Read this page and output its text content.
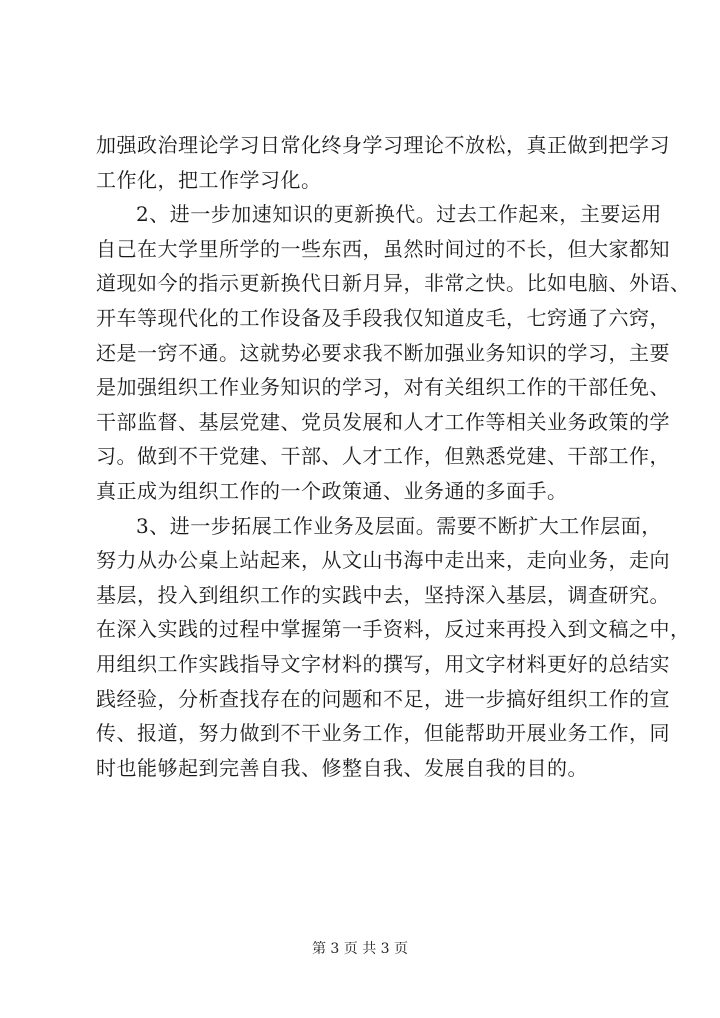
加强政治理论学习日常化终身学习理论不放松，真正做到把学习
工作化，把工作学习化。
2、进一步加速知识的更新换代。过去工作起来，主要运用
自己在大学里所学的一些东西，虽然时间过的不长，但大家都知
道现如今的指示更新换代日新月异，非常之快。比如电脑、外语、
开车等现代化的工作设备及手段我仅知道皮毛，七窍通了六窍，
还是一窍不通。这就势必要求我不断加强业务知识的学习，主要
是加强组织工作业务知识的学习，对有关组织工作的干部任免、
干部监督、基层党建、党员发展和人才工作等相关业务政策的学
习。做到不干党建、干部、人才工作，但熟悉党建、干部工作，
真正成为组织工作的一个政策通、业务通的多面手。
3、进一步拓展工作业务及层面。需要不断扩大工作层面，
努力从办公桌上站起来，从文山书海中走出来，走向业务，走向
基层，投入到组织工作的实践中去，坚持深入基层，调查研究。
在深入实践的过程中掌握第一手资料，反过来再投入到文稿之中，
用组织工作实践指导文字材料的撰写，用文字材料更好的总结实
践经验，分析查找存在的问题和不足，进一步搞好组织工作的宣
传、报道，努力做到不干业务工作，但能帮助开展业务工作，同
时也能够起到完善自我、修整自我、发展自我的目的。
第 3 页 共 3 页
